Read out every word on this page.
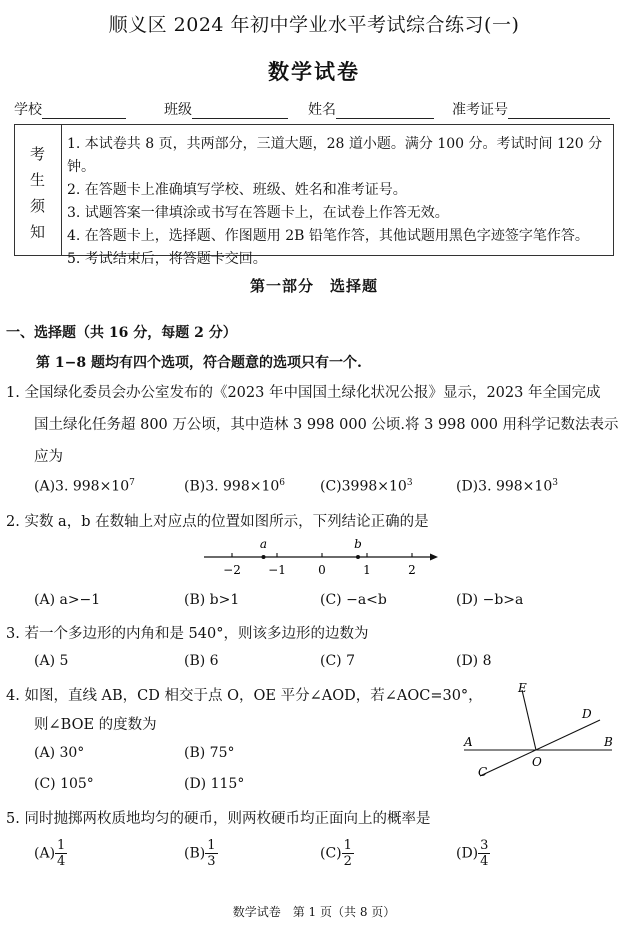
顺义区 2024 年初中学业水平考试综合练习(一)
数学试卷
学校	班级	姓名	准考证号
考
生
须
知
1. 本试卷共 8 页，共两部分，三道大题，28 道小题。满分 100 分。考试时间 120 分钟。
2. 在答题卡上准确填写学校、班级、姓名和准考证号。
3. 试题答案一律填涂或书写在答题卡上，在试卷上作答无效。
4. 在答题卡上，选择题、作图题用 2B 铅笔作答，其他试题用黑色字迹签字笔作答。
5. 考试结束后，将答题卡交回。
第一部分　选择题
一、选择题（共 16 分，每题 2 分）
第 1−8 题均有四个选项，符合题意的选项只有一个.
1. 全国绿化委员会办公室发布的《2023 年中国国土绿化状况公报》显示，2023 年全国完成
国土绿化任务超 800 万公顷，其中造林 3 998 000 公顷.将 3 998 000 用科学记数法表示
应为
(A)3. $998\times 10^7$	(B)3. $998\times 10^6$ $(C)3998\times 10^3$	(D)3. $998\times 10^3$
2. 实数 a，b 在数轴上对应点的位置如图所示，下列结论正确的是
−2 −1	0	1	2
a	b
(A) a>−1	(B) b>1	(C) −a<b	(D) −b>a
3. 若一个多边形的内角和是 540°，则该多边形的边数为
(A) 5	(B) 6	(C) 7	(D) 8
4. 如图，直线 AB，CD 相交于点 O，OE 平分∠AOD，若∠AOC=30°，
则∠BOE 的度数为
(A) 30°	(B) 75°
(C) 105°	(D) 115°
A	B
C
D
E
O
5. 同时抛掷两枚质地均匀的硬币，则两枚硬币均正面向上的概率是
$(A) \frac{1}{4}$	$(B) \frac{1}{3}$	$(C) \frac{1}{2}$	$(D) \frac{3}{4}$
数学试卷　第 1 页（共 8 页）
